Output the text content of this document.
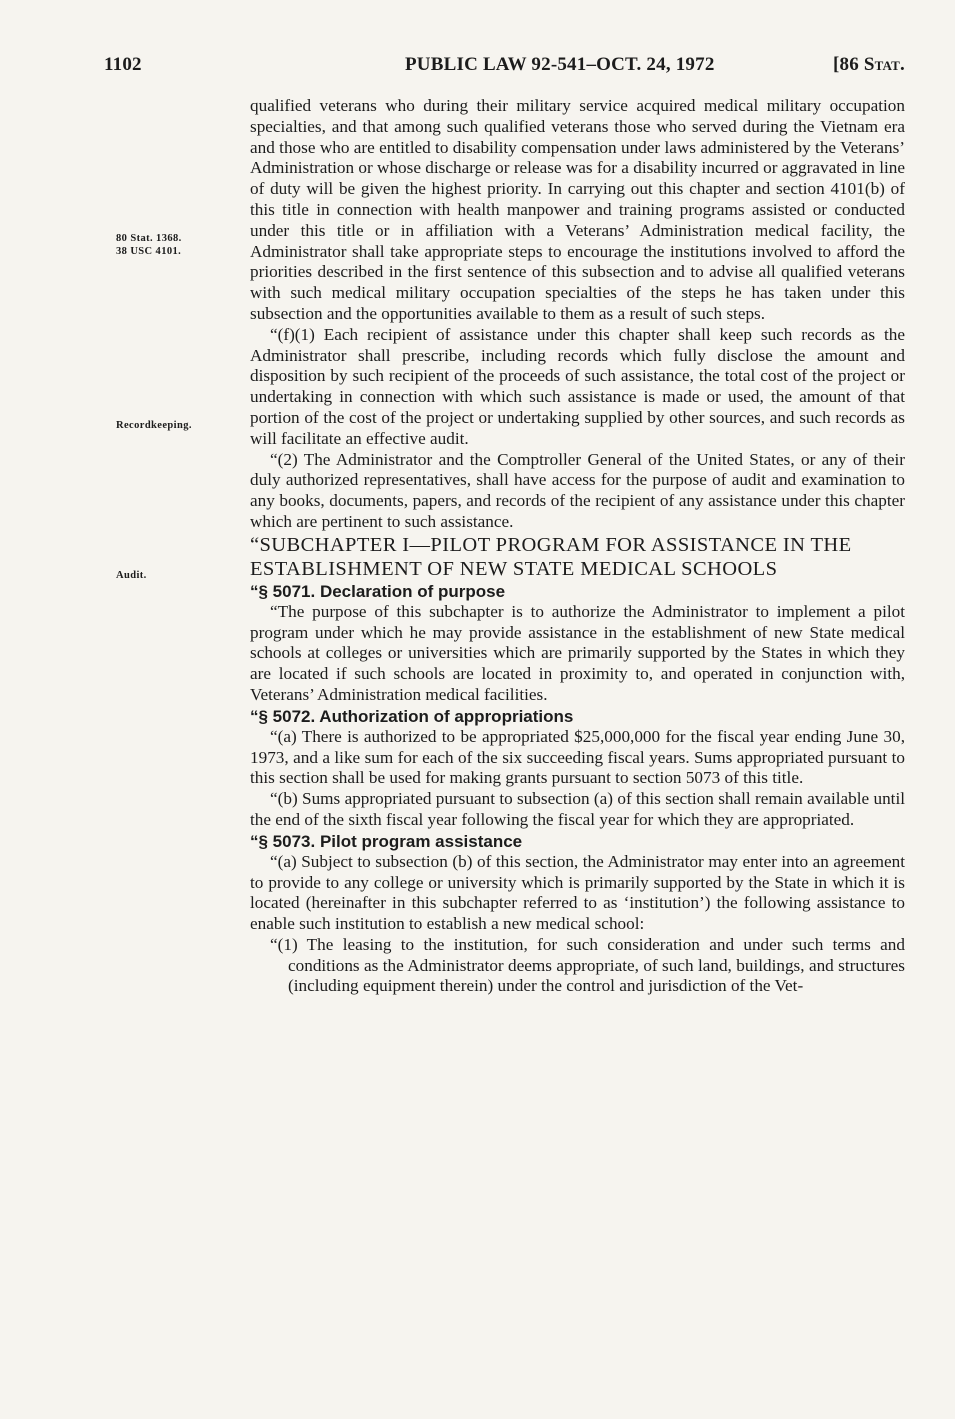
1102	PUBLIC LAW 92-541–OCT. 24, 1972	[86 Stat.
80 Stat. 1368.
38 USC 4101.
Recordkeeping.
Audit.

qualified veterans who during their military service acquired medical military occupation specialties, and that among such qualified veterans those who served during the Vietnam era and those who are entitled to disability compensation under laws administered by the Veterans’ Administration or whose discharge or release was for a disability incurred or aggravated in line of duty will be given the highest priority. In carrying out this chapter and section 4101(b) of this title in connection with health manpower and training programs assisted or conducted under this title or in affiliation with a Veterans’ Administration medical facility, the Administrator shall take appropriate steps to encourage the institutions involved to afford the priorities described in the first sentence of this subsection and to advise all qualified veterans with such medical military occupation specialties of the steps he has taken under this subsection and the opportunities available to them as a result of such steps.

“(f)(1) Each recipient of assistance under this chapter shall keep such records as the Administrator shall prescribe, including records which fully disclose the amount and disposition by such recipient of the proceeds of such assistance, the total cost of the project or undertaking in connection with which such assistance is made or used, the amount of that portion of the cost of the project or undertaking supplied by other sources, and such records as will facilitate an effective audit.

“(2) The Administrator and the Comptroller General of the United States, or any of their duly authorized representatives, shall have access for the purpose of audit and examination to any books, documents, papers, and records of the recipient of any assistance under this chapter which are pertinent to such assistance.

“SUBCHAPTER I—PILOT PROGRAM FOR ASSISTANCE IN THE ESTABLISHMENT OF NEW STATE MEDICAL SCHOOLS

“§ 5071. Declaration of purpose

“The purpose of this subchapter is to authorize the Administrator to implement a pilot program under which he may provide assistance in the establishment of new State medical schools at colleges or universities which are primarily supported by the States in which they are located if such schools are located in proximity to, and operated in conjunction with, Veterans’ Administration medical facilities.

“§ 5072. Authorization of appropriations

“(a) There is authorized to be appropriated $25,000,000 for the fiscal year ending June 30, 1973, and a like sum for each of the six succeeding fiscal years. Sums appropriated pursuant to this section shall be used for making grants pursuant to section 5073 of this title.

“(b) Sums appropriated pursuant to subsection (a) of this section shall remain available until the end of the sixth fiscal year following the fiscal year for which they are appropriated.

“§ 5073. Pilot program assistance

“(a) Subject to subsection (b) of this section, the Administrator may enter into an agreement to provide to any college or university which is primarily supported by the State in which it is located (hereinafter in this subchapter referred to as ‘institution’) the following assistance to enable such institution to establish a new medical school:

“(1) The leasing to the institution, for such consideration and under such terms and conditions as the Administrator deems appropriate, of such land, buildings, and structures (including equipment therein) under the control and jurisdiction of the Vet-
